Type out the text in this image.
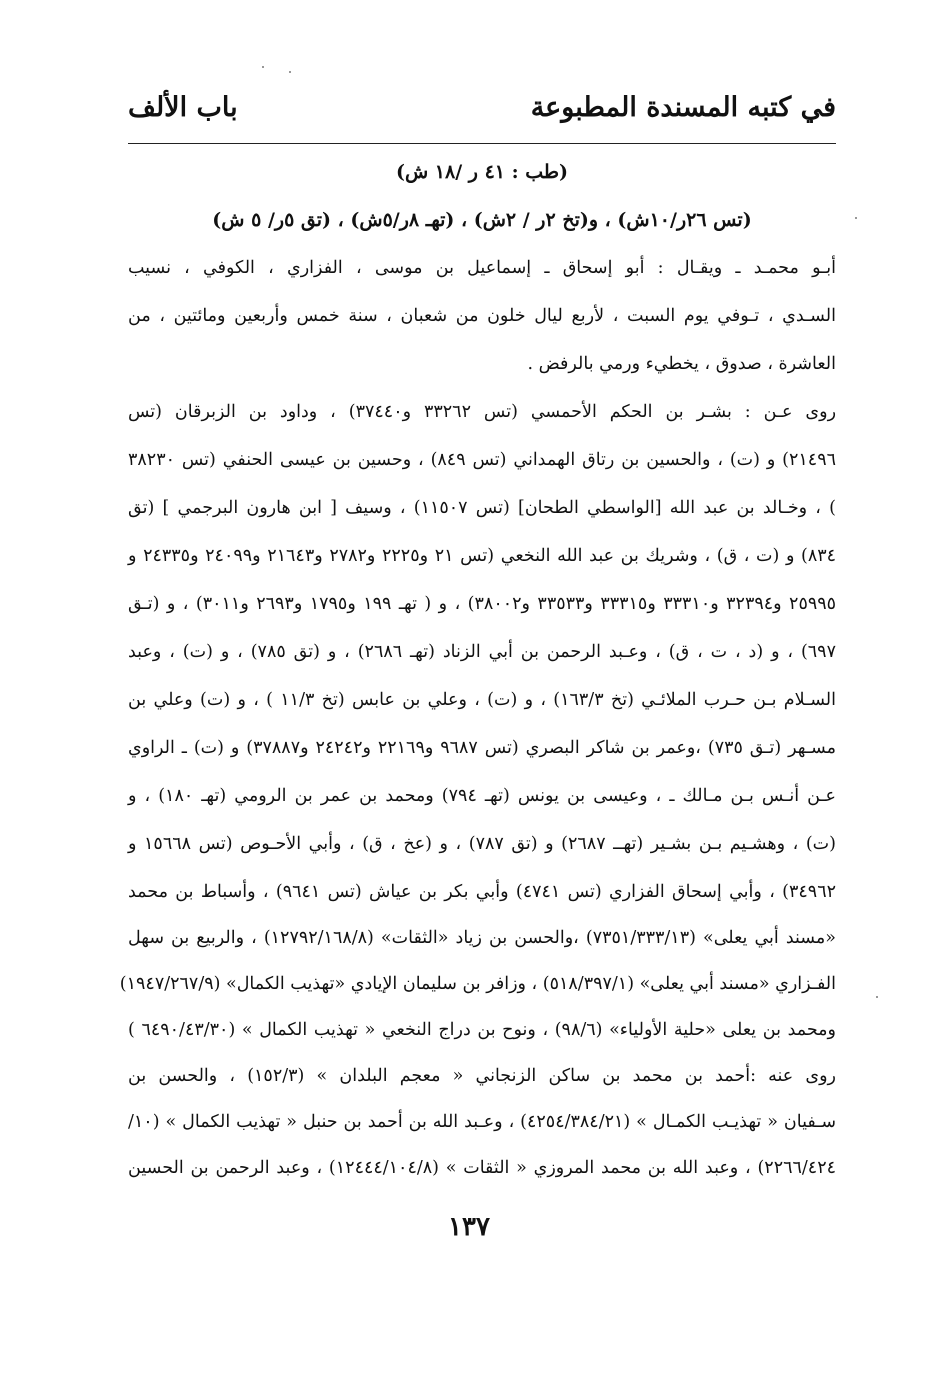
في كتبه المسندة المطبوعة
باب الألف
(طب : ٤١ ر /١٨ ش)
(تس ٢٦ر/١٠ش) ، و(تخ ٢ر / ٢ش) ، (تهـ ٨ر/٥ش) ، (تق ٥ر/ ٥ ش)
أبـو محمـد ـ ويقـال : أبو إسحاق ـ إسماعيل بن موسى ، الفزاري ، الكوفي ، نسيب
السـدي ، تـوفي يوم السبت ، لأربع ليال خلون من شعبان ، سنة خمس وأربعين ومائتين ، من
العاشرة ، صدوق ، يخطيء ورمي بالرفض .
روى عـن : بشـر بن الحكم الأحمسي (تس ٣٣٢٦٢ و٣٧٤٤٠) ، وداود بن الزبرقان (تس
٢١٤٩٦) و (ت) ، والحسين بن رتاق الهمداني (تس ٨٤٩) ، وحسين بن عيسى الحنفي (تس ٣٨٢٣٠
) ، وخـالد بن عبد الله [الواسطي الطحان] (تس ١١٥٠٧) ، وسيف [ ابن هارون البرجمي ] (تق
٨٣٤) و (ت ، ق) ، وشريك بن عبد الله النخعي (تس ٢١ و٢٢٢٥ و٢٧٨٢ و٢١٦٤٣ و٢٤٠٩٩ و٢٤٣٣٥ و
٢٥٩٩٥ و٣٢٣٩٤ و٣٣٣١٠ و٣٣٣١٥ و٣٣٥٣٣ و٣٨٠٠٢) ، و ( تهـ ١٩٩ و١٧٩٥ و٢٦٩٣ و٣٠١١) ، و (تـق
٦٩٧) ، و (د ، ت ، ق) ، وعـبد الرحمن بن أبي الزناد (تهـ ٢٦٨٦) ، و (تق ٧٨٥) ، و (ت) ، وعبد
السـلام بـن حـرب الملائـي (تخ ١٦٣/٣) ، و (ت) ، وعلي بن عابس (تخ ١١/٣ ) ، و (ت) وعلي بن
مسـهر (تـق ٧٣٥) ،وعمر بن شاكر البصري (تس ٩٦٨٧ و٢٢١٦٩ و٢٤٢٤٢ و٣٧٨٨٧) و (ت) ـ الراوي
عـن أنـس بـن مـالك ـ ، وعيسى بن يونس (تهـ ٧٩٤) ومحمد بن عمر بن الرومي (تهـ ١٨٠) ، و
(ت) ، وهشـيم بـن بشـير (تهــ ٢٦٨٧) و (تق ٧٨٧) ، و (عخ ، ق) ، وأبي الأحـوص (تس ١٥٦٦٨ و
٣٤٩٦٢) ، وأبي إسحاق الفزاري (تس ٤٧٤١) وأبي بكر بن عياش (تس ٩٦٤١) ، وأسباط بن محمد
«مسند أبي يعلى» (٧٣٥١/٣٣٣/١٣) ،والحسن بن زياد «الثقات» (١٢٧٩٢/١٦٨/٨) ، والربيع بن سهل
الفـزاري «مسند أبي يعلى» (٥١٨/٣٩٧/١) ، وزافر بن سليمان الإيادي «تهذيب الكمال» (١٩٤٧/٢٦٧/٩)
ومحمد بن يعلى «حلية الأولياء» (٩٨/٦) ، ونوح بن دراج النخعي « تهذيب الكمال » (٦٤٩٠/٤٣/٣٠ )
روى عنه :أحمد بن محمد بن ساكن الزنجاني « معجم البلدان » (١٥٢/٣) ، والحسن بن
سـفيان « تهذيـب الكمـال » (٤٢٥٤/٣٨٤/٢١) ، وعـبد الله بن أحمد بن حنبل « تهذيب الكمال » (١٠/
٢٢٦٦/٤٢٤) ، وعبد الله بن محمد المروزي « الثقات » (١٢٤٤٤/١٠٤/٨) ، وعبد الرحمن بن الحسين
١٣٧
